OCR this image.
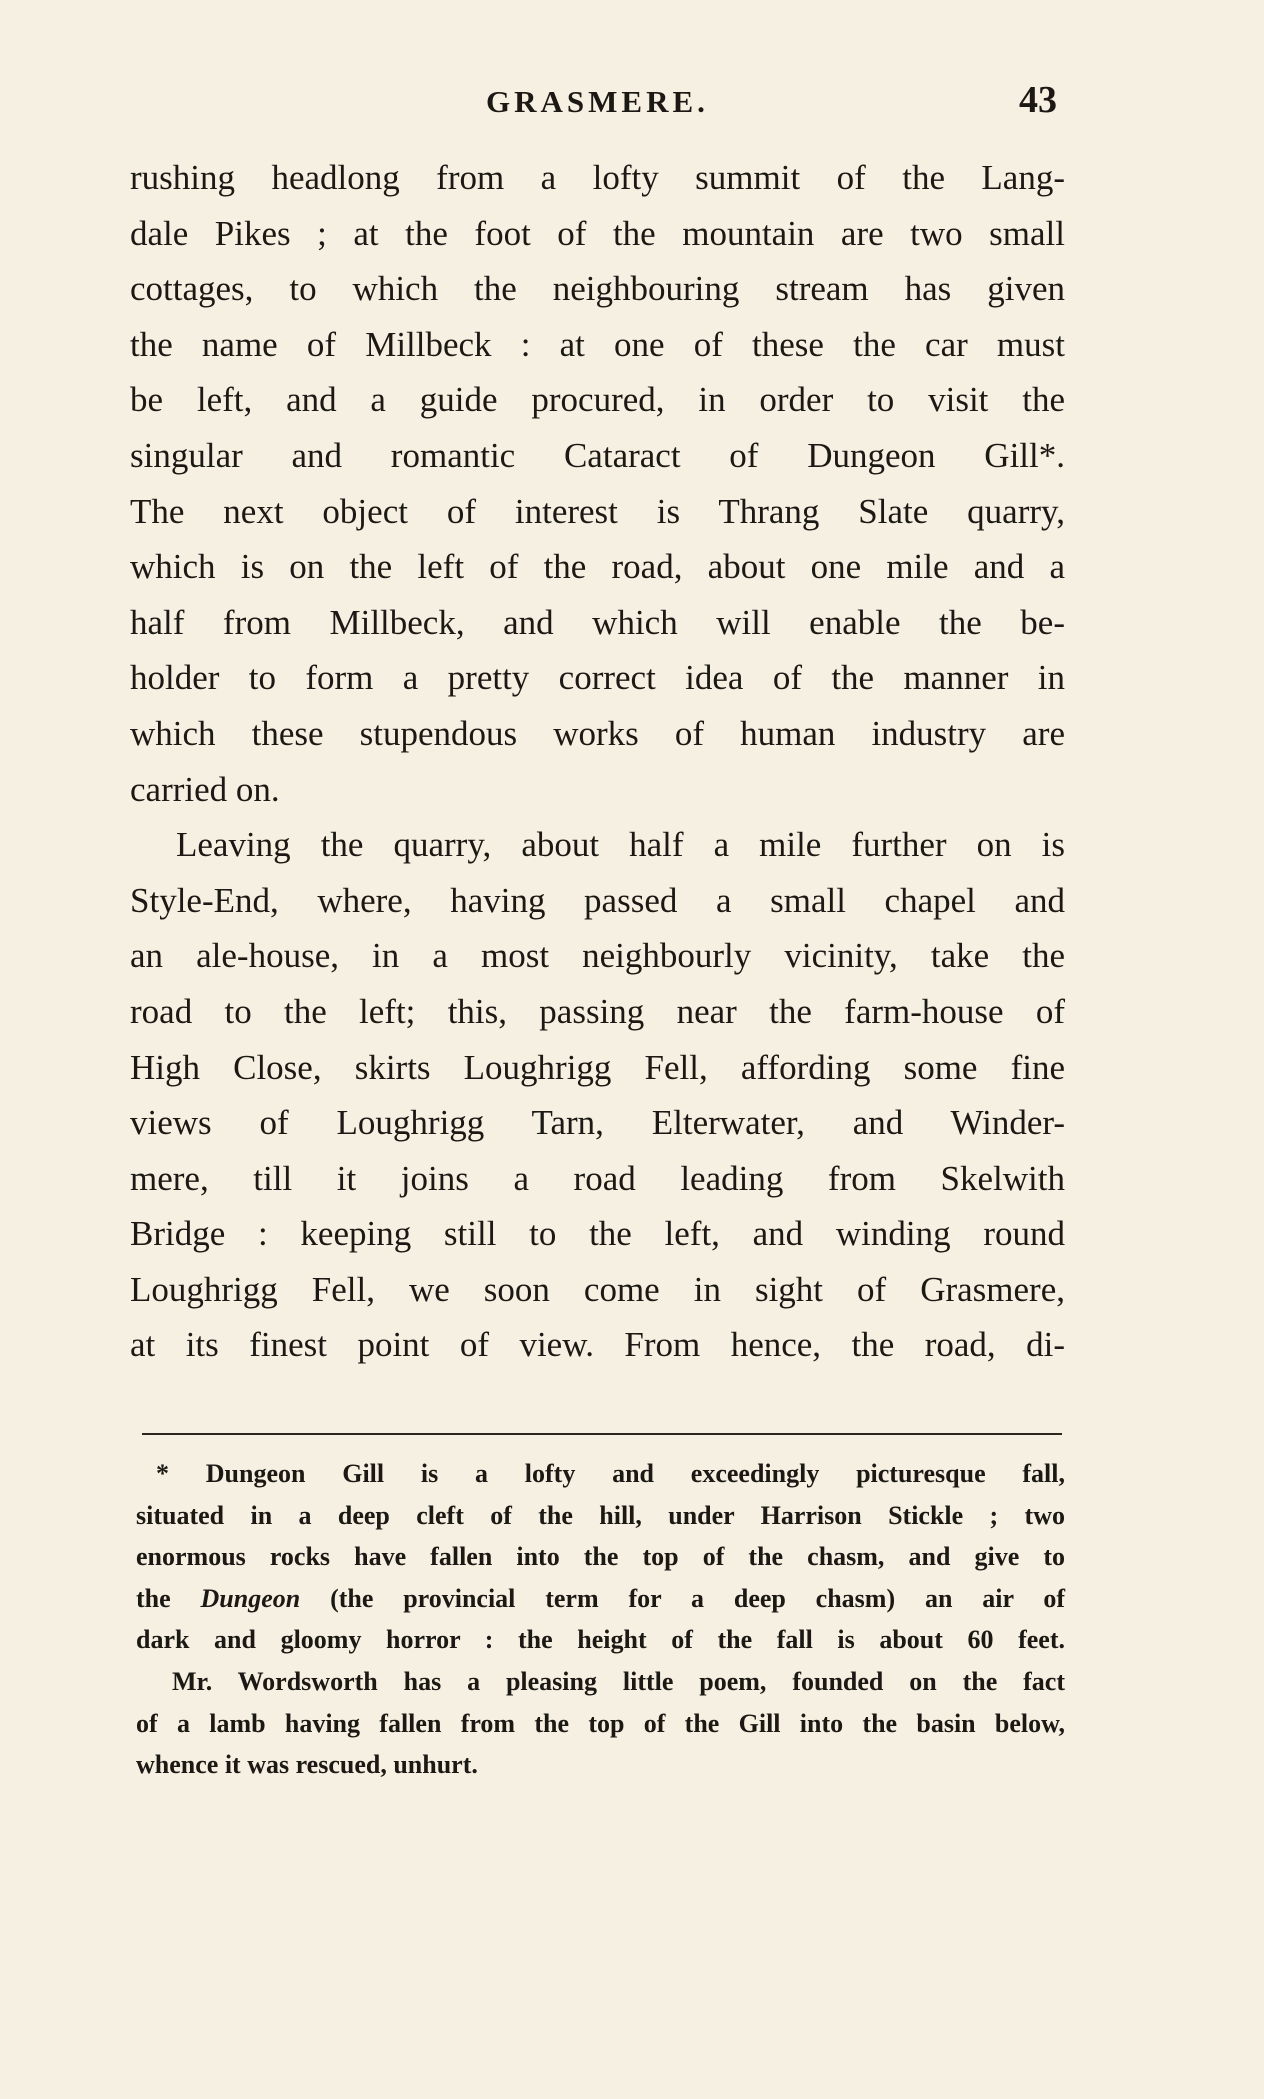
GRASMERE.	43
rushing headlong from a lofty summit of the Lang-
dale Pikes ; at the foot of the mountain are two small
cottages, to which the neighbouring stream has given
the name of Millbeck : at one of these the car must
be left, and a guide procured, in order to visit the
singular and romantic Cataract of Dungeon Gill*.
The next object of interest is Thrang Slate quarry,
which is on the left of the road, about one mile and a
half from Millbeck, and which will enable the be-
holder to form a pretty correct idea of the manner in
which these stupendous works of human industry are
carried on.
Leaving the quarry, about half a mile further on is
Style-End, where, having passed a small chapel and
an ale-house, in a most neighbourly vicinity, take the
road to the left; this, passing near the farm-house of
High Close, skirts Loughrigg Fell, affording some fine
views of Loughrigg Tarn, Elterwater, and Winder-
mere, till it joins a road leading from Skelwith
Bridge : keeping still to the left, and winding round
Loughrigg Fell, we soon come in sight of Grasmere,
at its finest point of view. From hence, the road, di-
* Dungeon Gill is a lofty and exceedingly picturesque fall,
situated in a deep cleft of the hill, under Harrison Stickle ; two
enormous rocks have fallen into the top of the chasm, and give to
the Dungeon (the provincial term for a deep chasm) an air of
dark and gloomy horror : the height of the fall is about 60 feet.
Mr. Wordsworth has a pleasing little poem, founded on the fact
of a lamb having fallen from the top of the Gill into the basin below,
whence it was rescued, unhurt.
